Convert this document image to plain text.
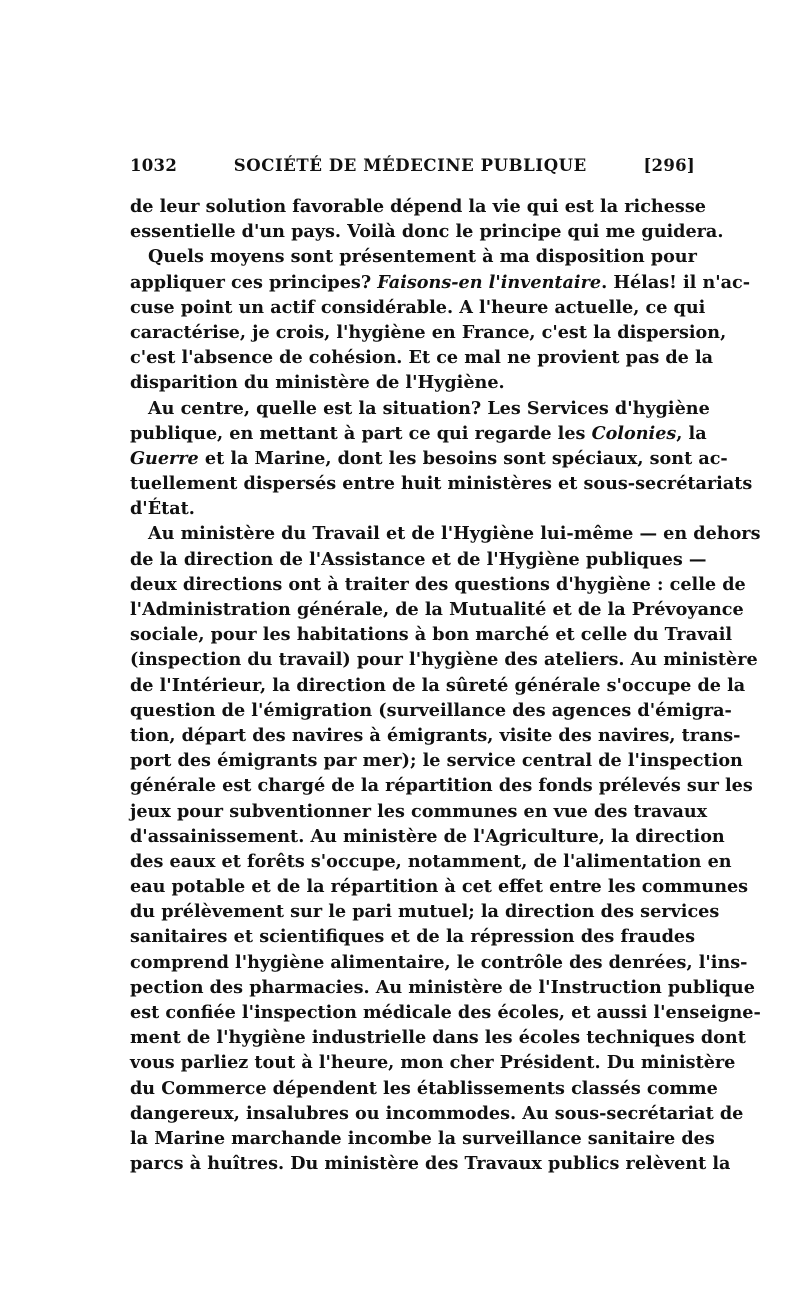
1032	SOCIÉTÉ DE MÉDECINE PUBLIQUE	[296]
de leur solution favorable dépend la vie qui est la richesse
essentielle d'un pays. Voilà donc le principe qui me guidera.
Quels moyens sont présentement à ma disposition pour
appliquer ces principes? Faisons-en l'inventaire. Hélas! il n'ac-
cuse point un actif considérable. A l'heure actuelle, ce qui
caractérise, je crois, l'hygiène en France, c'est la dispersion,
c'est l'absence de cohésion. Et ce mal ne provient pas de la
disparition du ministère de l'Hygiène.
Au centre, quelle est la situation? Les Services d'hygiène
publique, en mettant à part ce qui regarde les Colonies, la
Guerre et la Marine, dont les besoins sont spéciaux, sont ac-
tuellement dispersés entre huit ministères et sous-secrétariats
d'État.
Au ministère du Travail et de l'Hygiène lui-même — en dehors
de la direction de l'Assistance et de l'Hygiène publiques —
deux directions ont à traiter des questions d'hygiène : celle de
l'Administration générale, de la Mutualité et de la Prévoyance
sociale, pour les habitations à bon marché et celle du Travail
(inspection du travail) pour l'hygiène des ateliers. Au ministère
de l'Intérieur, la direction de la sûreté générale s'occupe de la
question de l'émigration (surveillance des agences d'émigra-
tion, départ des navires à émigrants, visite des navires, trans-
port des émigrants par mer); le service central de l'inspection
générale est chargé de la répartition des fonds prélevés sur les
jeux pour subventionner les communes en vue des travaux
d'assainissement. Au ministère de l'Agriculture, la direction
des eaux et forêts s'occupe, notamment, de l'alimentation en
eau potable et de la répartition à cet effet entre les communes
du prélèvement sur le pari mutuel; la direction des services
sanitaires et scientifiques et de la répression des fraudes
comprend l'hygiène alimentaire, le contrôle des denrées, l'ins-
pection des pharmacies. Au ministère de l'Instruction publique
est confiée l'inspection médicale des écoles, et aussi l'enseigne-
ment de l'hygiène industrielle dans les écoles techniques dont
vous parliez tout à l'heure, mon cher Président. Du ministère
du Commerce dépendent les établissements classés comme
dangereux, insalubres ou incommodes. Au sous-secrétariat de
la Marine marchande incombe la surveillance sanitaire des
parcs à huîtres. Du ministère des Travaux publics relèvent la
